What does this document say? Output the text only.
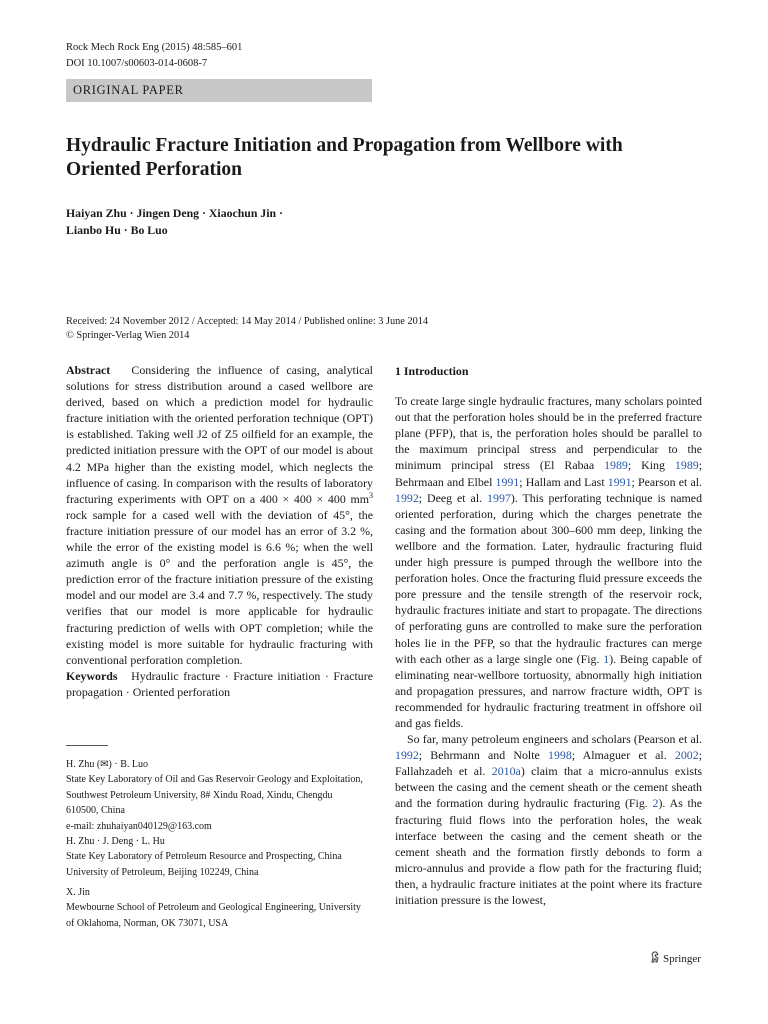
Rock Mech Rock Eng (2015) 48:585–601
DOI 10.1007/s00603-014-0608-7
ORIGINAL PAPER
Hydraulic Fracture Initiation and Propagation from Wellbore with Oriented Perforation
Haiyan Zhu · Jingen Deng · Xiaochun Jin ·
Lianbo Hu · Bo Luo
Received: 24 November 2012 / Accepted: 14 May 2014 / Published online: 3 June 2014
© Springer-Verlag Wien 2014

Abstract Considering the influence of casing, analytical solutions for stress distribution around a cased wellbore are derived, based on which a prediction model for hydraulic fracture initiation with the oriented perforation technique (OPT) is established. Taking well J2 of Z5 oilfield for an example, the predicted initiation pressure with the OPT of our model is about 4.2 MPa higher than the existing model, which neglects the influence of casing. In comparison with the results of laboratory fracturing experiments with OPT on a 400 × 400 × 400 $mm^3$ rock sample for a cased well with the deviation of 45°, the fracture initiation pressure of our model has an error of 3.2 %, while the error of the existing model is 6.6 %; when the well azimuth angle is 0° and the perforation angle is 45°, the prediction error of the fracture initiation pressure of the existing model and our model are 3.4 and 7.7 %, respectively. The study verifies that our model is more applicable for hydraulic fracturing prediction of wells with OPT completion; while the existing model is more suitable for hydraulic fracturing with conventional perforation completion.

Keywords Hydraulic fracture · Fracture initiation · Fracture propagation · Oriented perforation

H. Zhu (✉) · B. Luo
State Key Laboratory of Oil and Gas Reservoir Geology and Exploitation, Southwest Petroleum University, 8# Xindu Road, Xindu, Chengdu 610500, China
e-mail: zhuhaiyan040129@163.com
H. Zhu · J. Deng · L. Hu
State Key Laboratory of Petroleum Resource and Prospecting, China University of Petroleum, Beijing 102249, China
X. Jin
Mewbourne School of Petroleum and Geological Engineering, University of Oklahoma, Norman, OK 73071, USA
1 Introduction

To create large single hydraulic fractures, many scholars pointed out that the perforation holes should be in the preferred fracture plane (PFP), that is, the perforation holes should be parallel to the maximum principal stress and perpendicular to the minimum principal stress (El Rabaa 1989; King 1989; Behrmaan and Elbel 1991; Hallam and Last 1991; Pearson et al. 1992; Deeg et al. 1997). This perforating technique is named oriented perforation, during which the charges penetrate the casing and the formation about 300–600 mm deep, linking the wellbore and the formation. Later, hydraulic fracturing fluid under high pressure is pumped through the wellbore into the perforation holes. Once the fracturing fluid pressure exceeds the pore pressure and the tensile strength of the reservoir rock, hydraulic fractures initiate and start to propagate. The directions of perforating guns are controlled to make sure the perforation holes lie in the PFP, so that the hydraulic fractures can merge with each other as a large single one (Fig. 1). Being capable of eliminating near-wellbore tortuosity, abnormally high initiation and propagation pressures, and narrow fracture width, OPT is recommended for hydraulic fracturing treatment in offshore oil and gas fields.

So far, many petroleum engineers and scholars (Pearson et al. 1992; Behrmann and Nolte 1998; Almaguer et al. 2002; Fallahzadeh et al. 2010a) claim that a micro-annulus exists between the casing and the cement sheath or the cement sheath and the formation during hydraulic fracturing (Fig. 2). As the fracturing fluid flows into the perforation holes, the weak interface between the casing and the cement sheath or the cement sheath and the formation firstly debonds to form a micro-annulus and provide a flow path for the fracturing fluid; then, a hydraulic fracture initiates at the point where its fracture initiation pressure is the lowest,

Springer
